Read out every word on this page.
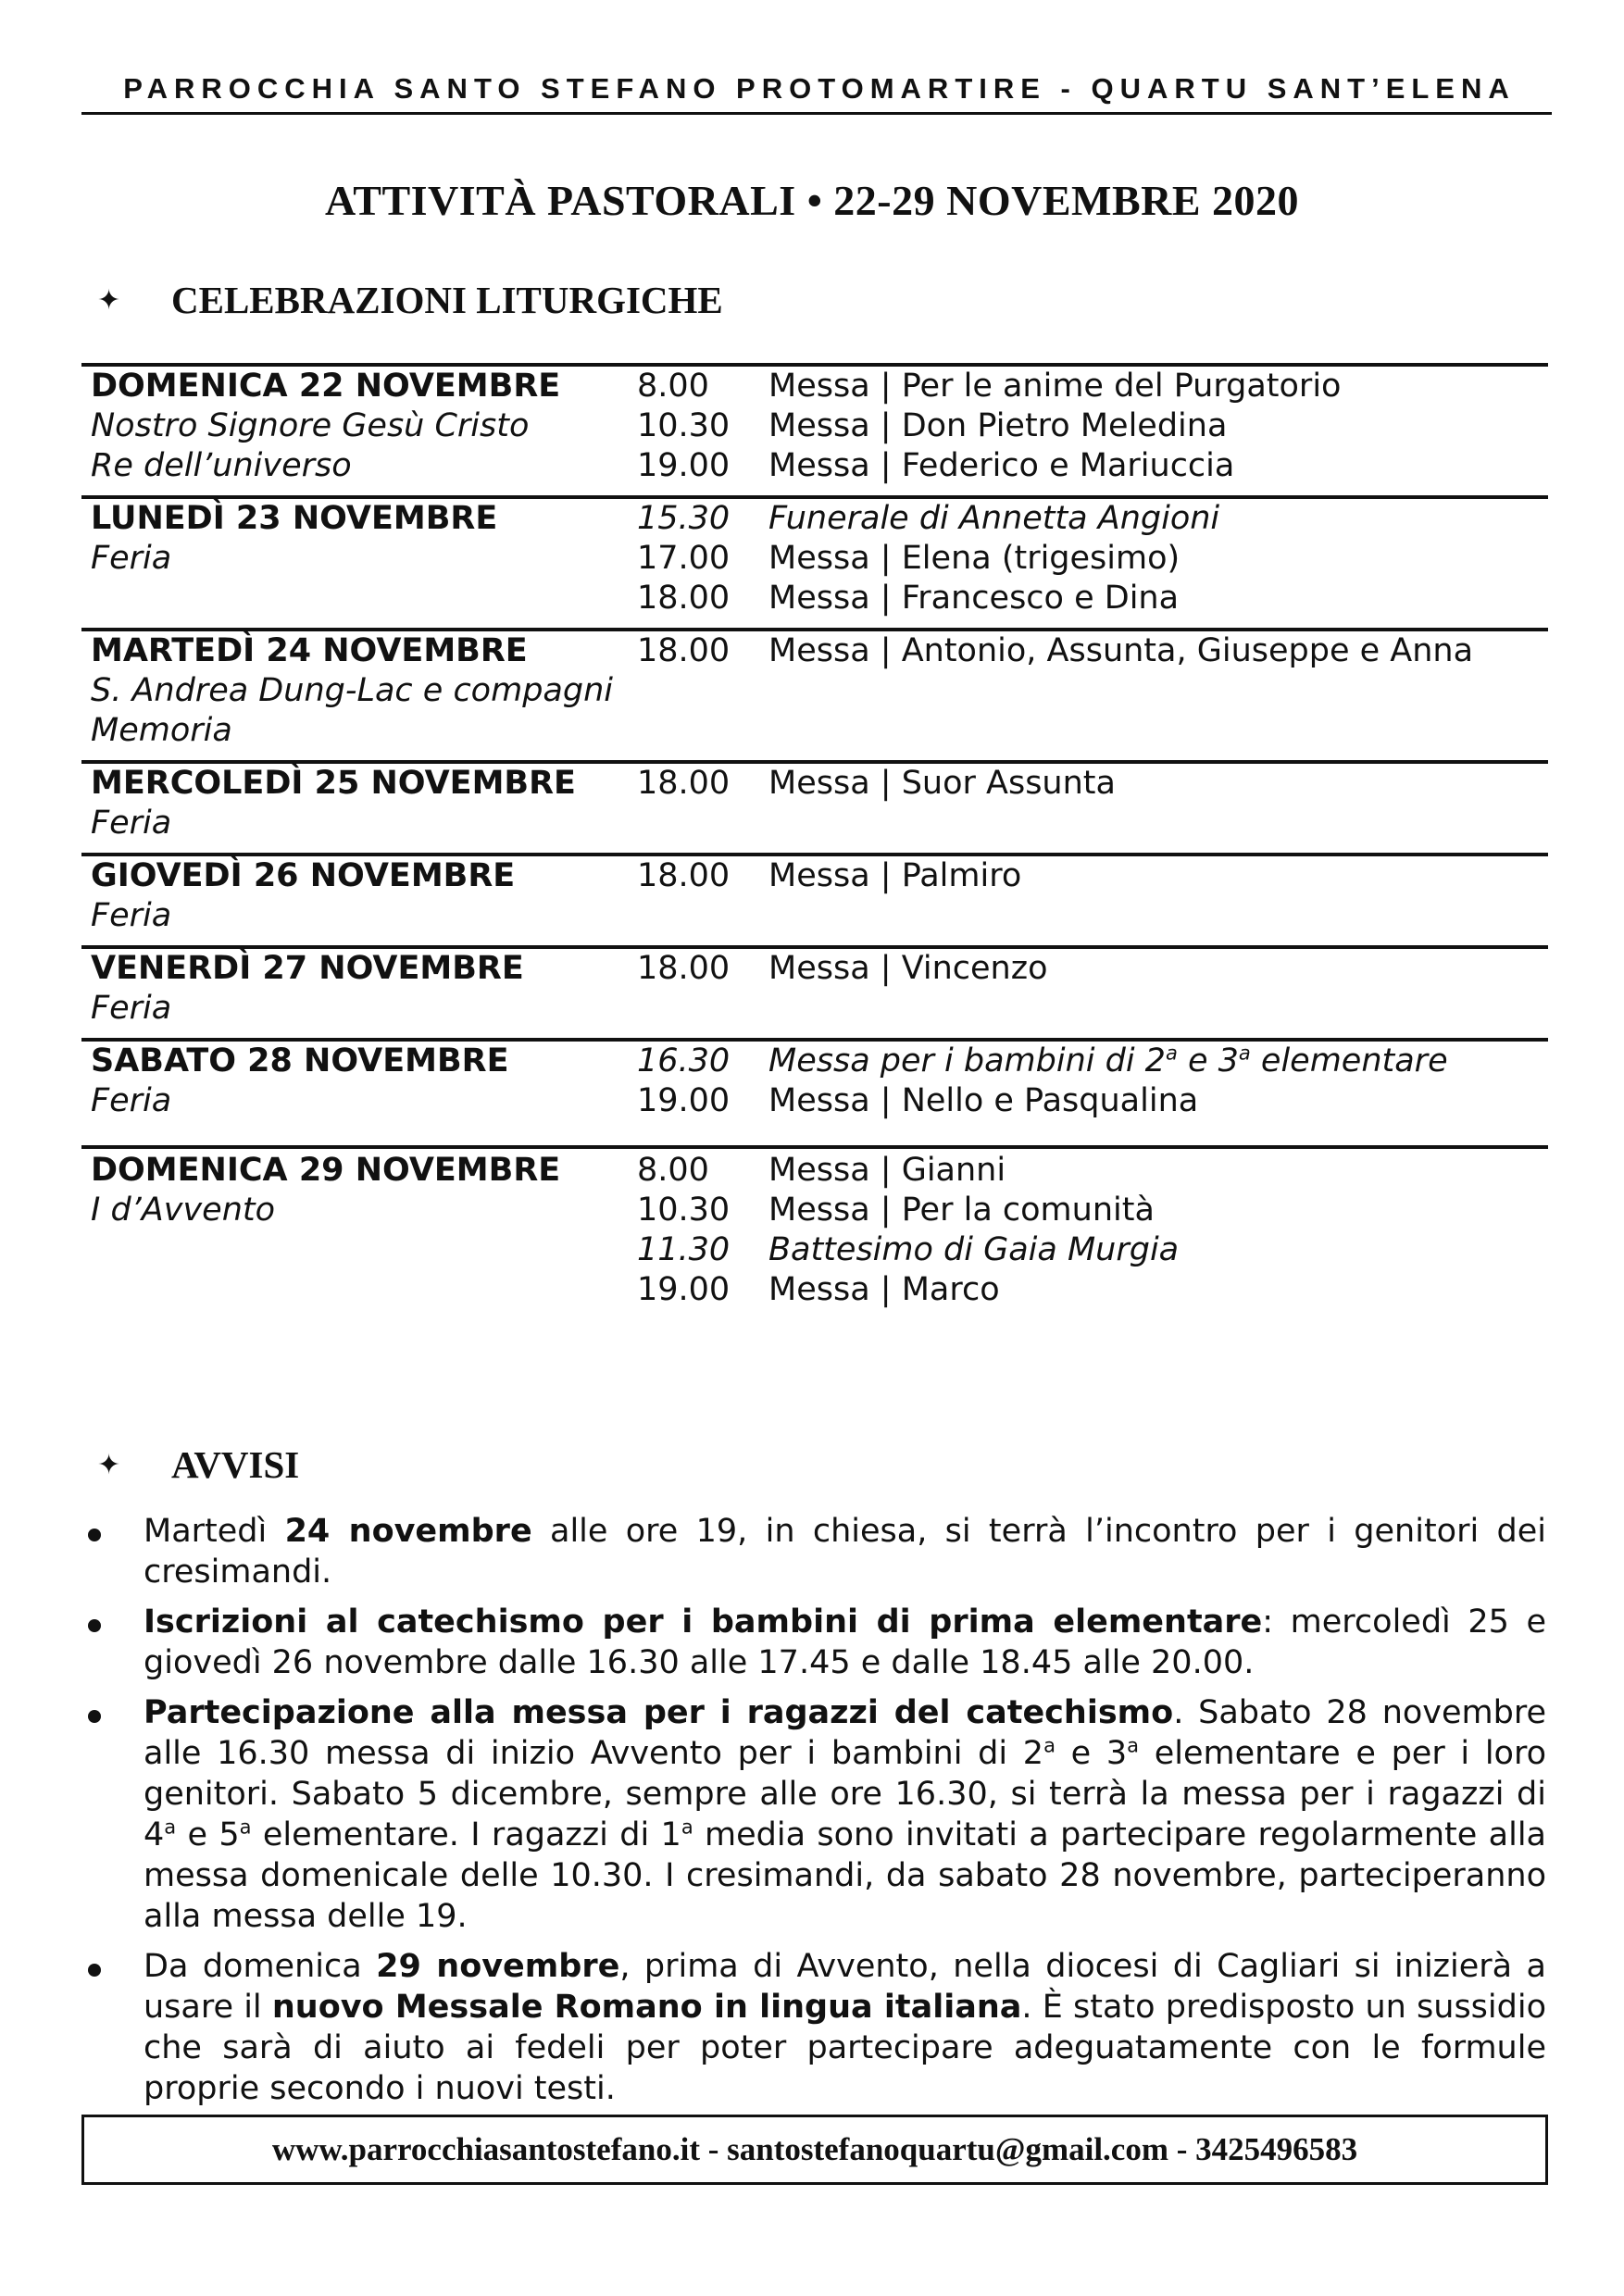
PARROCCHIA SANTO STEFANO PROTOMARTIRE - QUARTU SANT’ELENA
ATTIVITÀ PASTORALI • 22-29 NOVEMBRE 2020
✦	CELEBRAZIONI LITURGICHE
DOMENICA 22 NOVEMBRE
Nostro Signore Gesù Cristo
Re dell’universo
8.00	Messa | Per le anime del Purgatorio
10.30	Messa | Don Pietro Meledina
19.00	Messa | Federico e Mariuccia
LUNEDÌ 23 NOVEMBRE
Feria
15.30	Funerale di Annetta Angioni
17.00	Messa | Elena (trigesimo)
18.00	Messa | Francesco e Dina
MARTEDÌ 24 NOVEMBRE
S. Andrea Dung-Lac e compagni
Memoria
18.00	Messa | Antonio, Assunta, Giuseppe e Anna
MERCOLEDÌ 25 NOVEMBRE
Feria
18.00	Messa | Suor Assunta
GIOVEDÌ 26 NOVEMBRE
Feria
18.00	Messa | Palmiro
VENERDÌ 27 NOVEMBRE
Feria
18.00	Messa | Vincenzo
SABATO 28 NOVEMBRE
Feria
16.30	Messa per i bambini di 2$^a$ e 3$^a$ elementare
19.00	Messa | Nello e Pasqualina
DOMENICA 29 NOVEMBRE
I d’Avvento
8.00	Messa | Gianni
10.30	Messa | Per la comunità
11.30	Battesimo di Gaia Murgia
19.00	Messa | Marco
✦	AVVISI
Martedì 24 novembre alle ore 19, in chiesa, si terrà l’incontro per i genitori dei cresimandi.
Iscrizioni al catechismo per i bambini di prima elementare: mercoledì 25 e giovedì 26 novembre dalle 16.30 alle 17.45 e dalle 18.45 alle 20.00.
Partecipazione alla messa per i ragazzi del catechismo. Sabato 28 novembre alle 16.30 messa di inizio Avvento per i bambini di 2$^a$ e 3$^a$ elementare e per i loro genitori. Sabato 5 dicembre, sempre alle ore 16.30, si terrà la messa per i ragazzi di 4$^a$ e 5$^a$ elementare. I ragazzi di 1$^a$ media sono invitati a partecipare regolarmente alla messa domenicale delle 10.30. I cresimandi, da sabato 28 novembre, parteciperanno alla messa delle 19.
Da domenica 29 novembre, prima di Avvento, nella diocesi di Cagliari si inizierà a usare il nuovo Messale Romano in lingua italiana. È stato predisposto un sussidio che sarà di aiuto ai fedeli per poter partecipare adeguatamente con le formule proprie secondo i nuovi testi.
www.parrocchiasantostefano.it - santostefanoquartu@gmail.com - 3425496583
